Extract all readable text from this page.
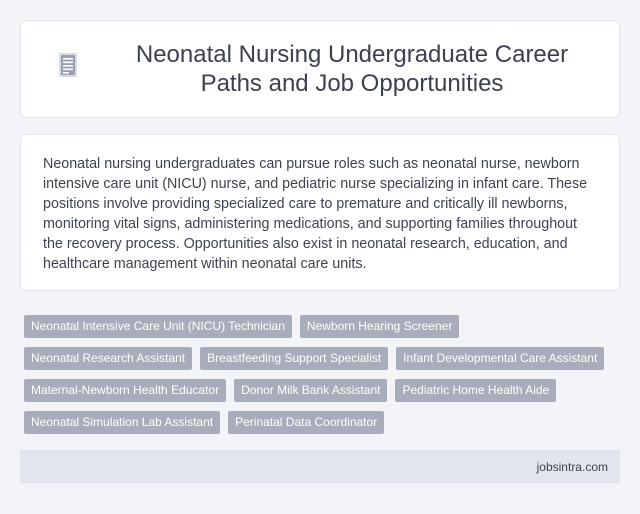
Neonatal Nursing Undergraduate Career Paths and Job Opportunities

Neonatal nursing undergraduates can pursue roles such as neonatal nurse, newborn intensive care unit (NICU) nurse, and pediatric nurse specializing in infant care. These positions involve providing specialized care to premature and critically ill newborns, monitoring vital signs, administering medications, and supporting families throughout the recovery process. Opportunities also exist in neonatal research, education, and healthcare management within neonatal care units.

Neonatal Intensive Care Unit (NICU) Technician	Newborn Hearing Screener
Neonatal Research Assistant	Breastfeeding Support Specialist	Infant Developmental Care Assistant
Maternal-Newborn Health Educator	Donor Milk Bank Assistant	Pediatric Home Health Aide
Neonatal Simulation Lab Assistant	Perinatal Data Coordinator
jobsintra.com
